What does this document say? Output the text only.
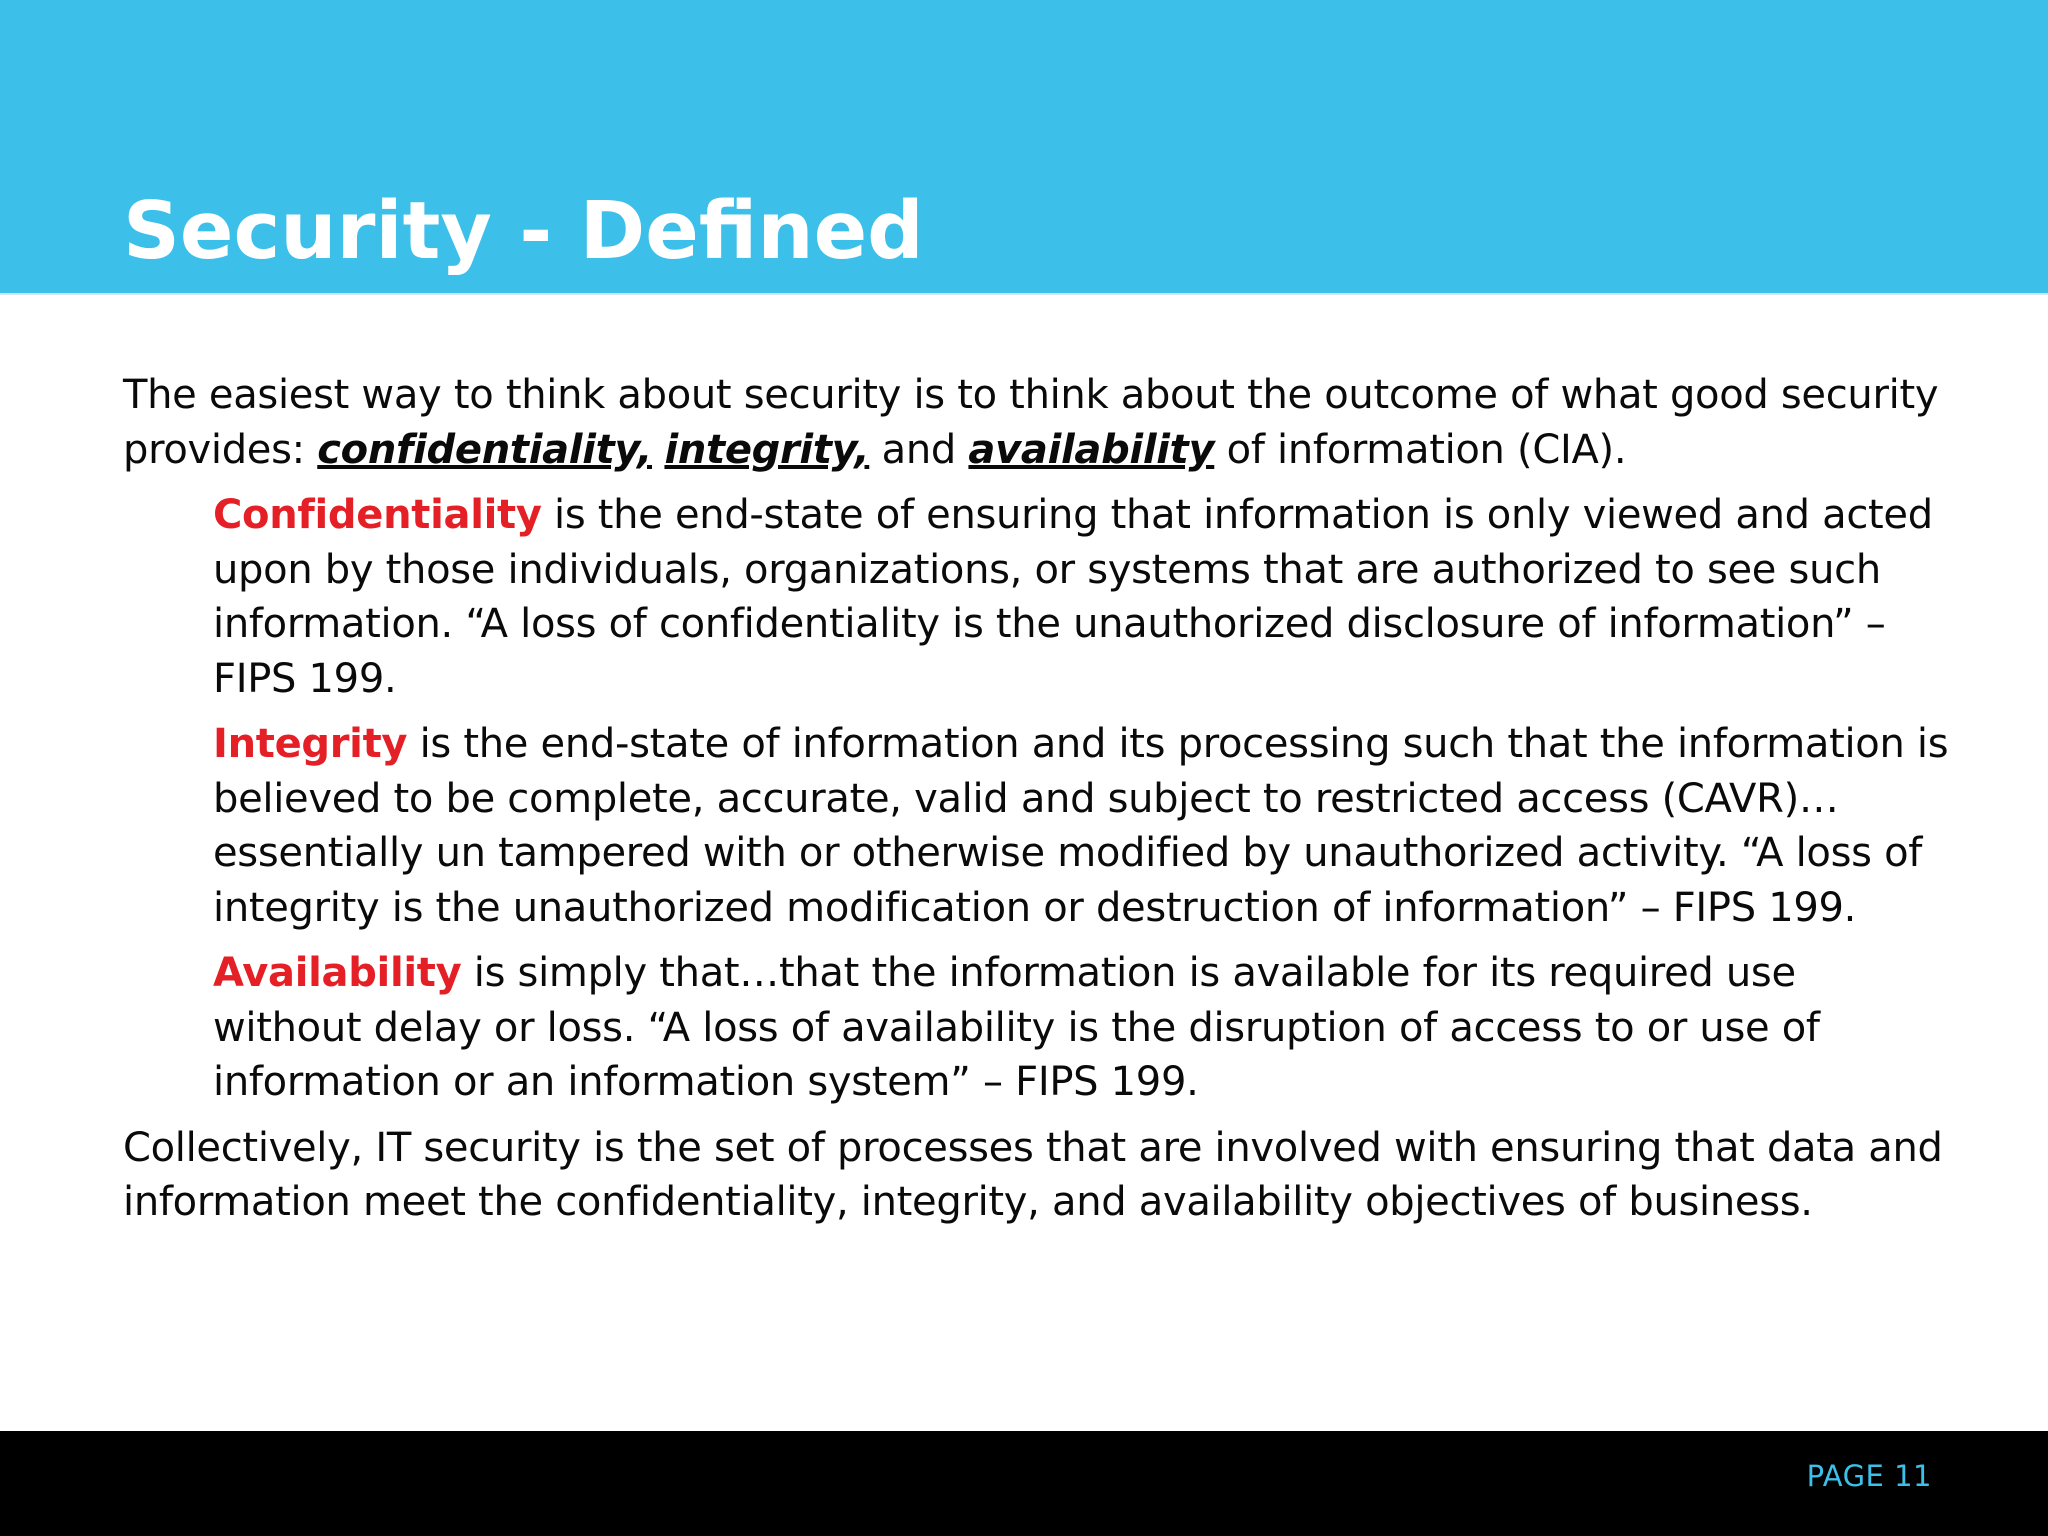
Security - Defined

The easiest way to think about security is to think about the outcome of what good security provides: confidentiality, integrity, and availability of information (CIA).

Confidentiality is the end-state of ensuring that information is only viewed and acted upon by those individuals, organizations, or systems that are authorized to see such information. “A loss of confidentiality is the unauthorized disclosure of information” – FIPS 199.

Integrity is the end-state of information and its processing such that the information is believed to be complete, accurate, valid and subject to restricted access (CAVR)…essentially un tampered with or otherwise modified by unauthorized activity. “A loss of integrity is the unauthorized modification or destruction of information” – FIPS 199.

Availability is simply that…that the information is available for its required use without delay or loss. “A loss of availability is the disruption of access to or use of information or an information system” – FIPS 199.

Collectively, IT security is the set of processes that are involved with ensuring that data and information meet the confidentiality, integrity, and availability objectives of business.

PAGE 11
